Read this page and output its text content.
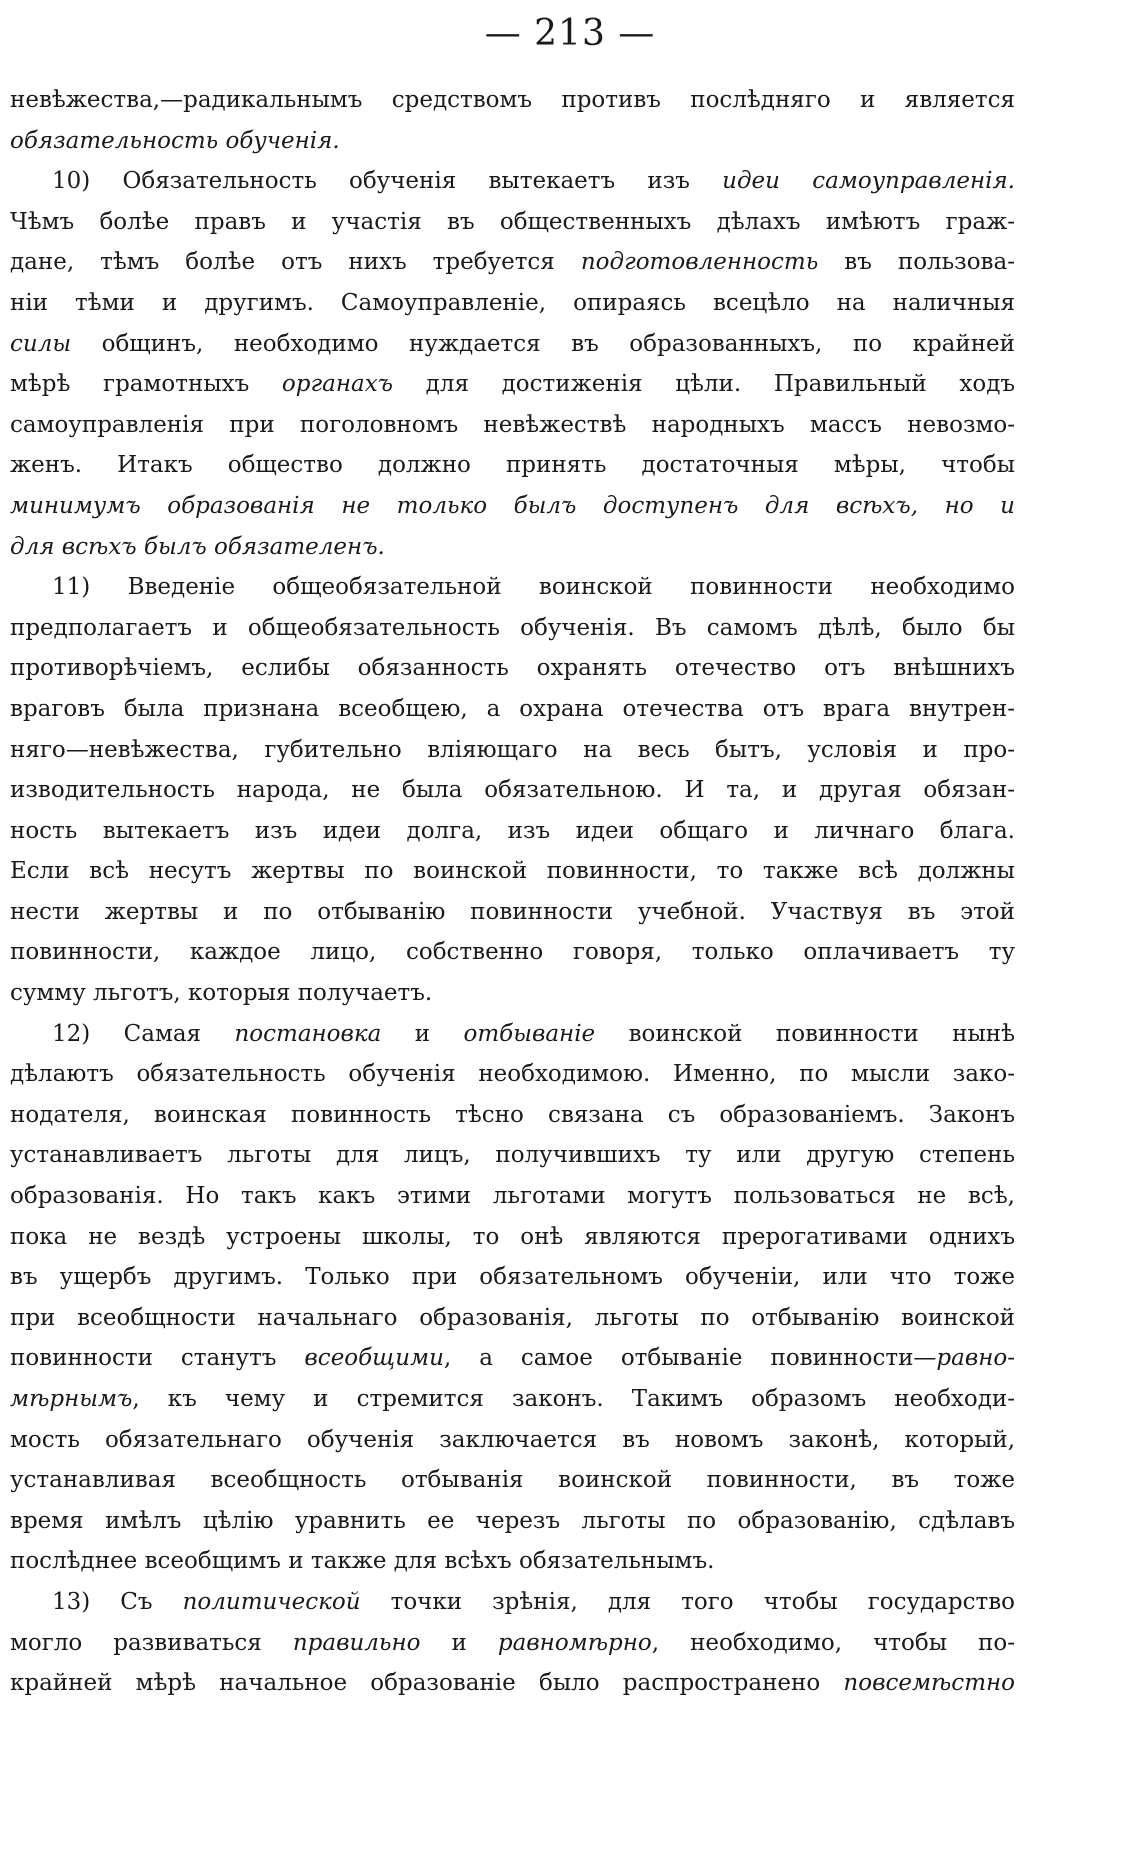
— 213 —
невѣжества,—радикальнымъ средствомъ противъ послѣдняго и является
обязательность обученія.
10) Обязательность обученія вытекаетъ изъ идеи самоуправленія.
Чѣмъ болѣе правъ и участія въ общественныхъ дѣлахъ имѣютъ граж-
дане, тѣмъ болѣе отъ нихъ требуется подготовленность въ пользова-
ніи тѣми и другимъ. Самоуправленіе, опираясь всецѣло на наличныя
силы общинъ, необходимо нуждается въ образованныхъ, по крайней
мѣрѣ грамотныхъ органахъ для достиженія цѣли. Правильный ходъ
самоуправленія при поголовномъ невѣжествѣ народныхъ массъ невозмо-
женъ. Итакъ общество должно принять достаточныя мѣры, чтобы
минимумъ образованія не только былъ доступенъ для всѣхъ, но и
для всѣхъ былъ обязателенъ.
11) Введеніе общеобязательной воинской повинности необходимо
предполагаетъ и общеобязательность обученія. Въ самомъ дѣлѣ, было бы
противорѣчіемъ, еслибы обязанность охранять отечество отъ внѣшнихъ
враговъ была признана всеобщею, а охрана отечества отъ врага внутрен-
няго—невѣжества, губительно вліяющаго на весь бытъ, условія и про-
изводительность народа, не была обязательною. И та, и другая обязан-
ность вытекаетъ изъ идеи долга, изъ идеи общаго и личнаго блага.
Если всѣ несутъ жертвы по воинской повинности, то также всѣ должны
нести жертвы и по отбыванію повинности учебной. Участвуя въ этой
повинности, каждое лицо, собственно говоря, только оплачиваетъ ту
сумму льготъ, которыя получаетъ.
12) Самая постановка и отбываніе воинской повинности нынѣ
дѣлаютъ обязательность обученія необходимою. Именно, по мысли зако-
нодателя, воинская повинность тѣсно связана съ образованіемъ. Законъ
устанавливаетъ льготы для лицъ, получившихъ ту или другую степень
образованія. Но такъ какъ этими льготами могутъ пользоваться не всѣ,
пока не вездѣ устроены школы, то онѣ являются прерогативами однихъ
въ ущербъ другимъ. Только при обязательномъ обученіи, или что тоже
при всеобщности начальнаго образованія, льготы по отбыванію воинской
повинности станутъ всеобщими, а самое отбываніе повинности—равно-
мѣрнымъ, къ чему и стремится законъ. Такимъ образомъ необходи-
мость обязательнаго обученія заключается въ новомъ законѣ, который,
устанавливая всеобщность отбыванія воинской повинности, въ тоже
время имѣлъ цѣлію уравнить ее черезъ льготы по образованію, сдѣлавъ
послѣднее всеобщимъ и также для всѣхъ обязательнымъ.
13) Съ политической точки зрѣнія, для того чтобы государство
могло развиваться правильно и равномѣрно, необходимо, чтобы по-
крайней мѣрѣ начальное образованіе было распространено повсемѣстно
